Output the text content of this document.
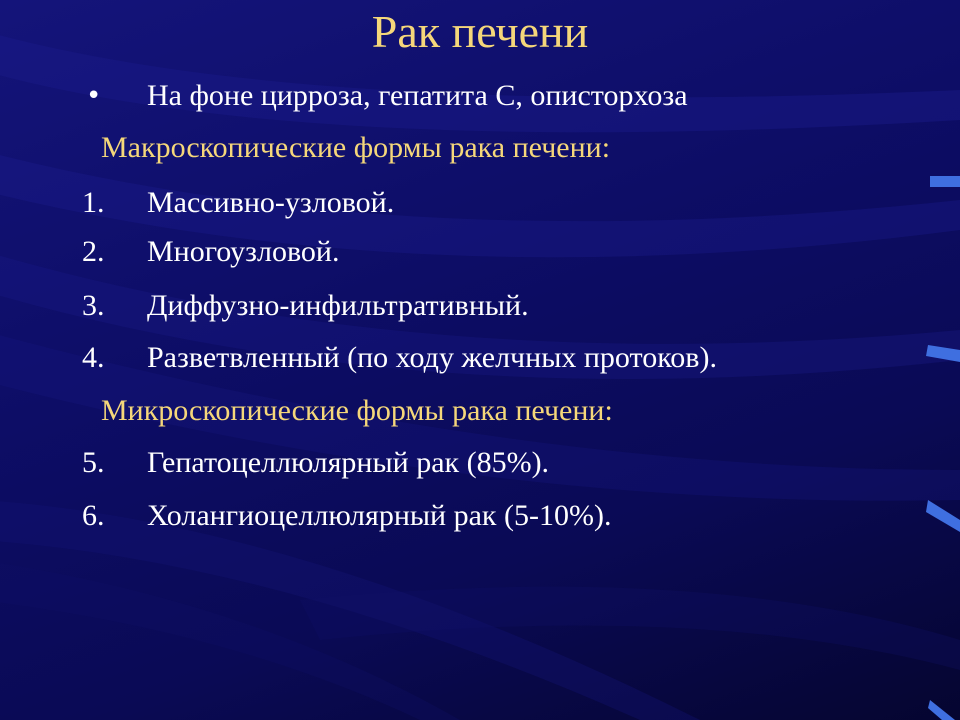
Рак печени
• На фоне цирроза, гепатита С, описторхоза
Макроскопические формы рака печени:
1. Массивно-узловой.
2. Многоузловой.
3. Диффузно-инфильтративный.
4. Разветвленный (по ходу желчных протоков).
Микроскопические формы рака печени:
5. Гепатоцеллюлярный рак (85%).
6. Холангиоцеллюлярный рак (5-10%).
